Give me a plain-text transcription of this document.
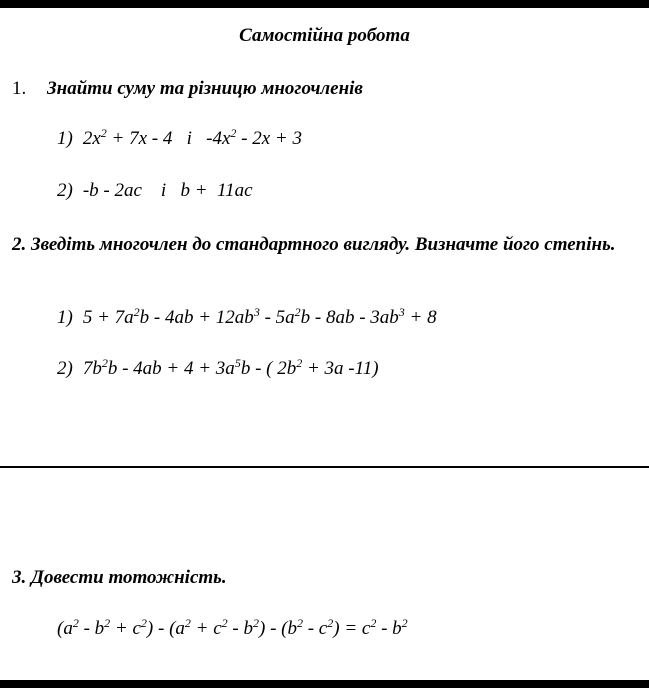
Самостійна робота
1. Знайти суму та різницю многочленів
1) $2x^2 + 7x - 4$   і   $-4x^2 - 2x + 3$
2) -b - 2ac    і   b +  11ac
2. Зведіть многочлен до стандартного вигляду. Визначте його степінь.
1) $5 + 7a^2b - 4ab + 12ab^3 - 5a^2b - 8ab - 3ab^3 + 8$
2) $7b^2b - 4ab + 4 + 3a^5b$ - ( $2b^2 + 3a$ -11)
3. Довести тотожність.
$(a^2 - b^2 + c^2) - (a^2 + c^2 - b^2) - (b^2 - c^2) = c^2 - b^2$
